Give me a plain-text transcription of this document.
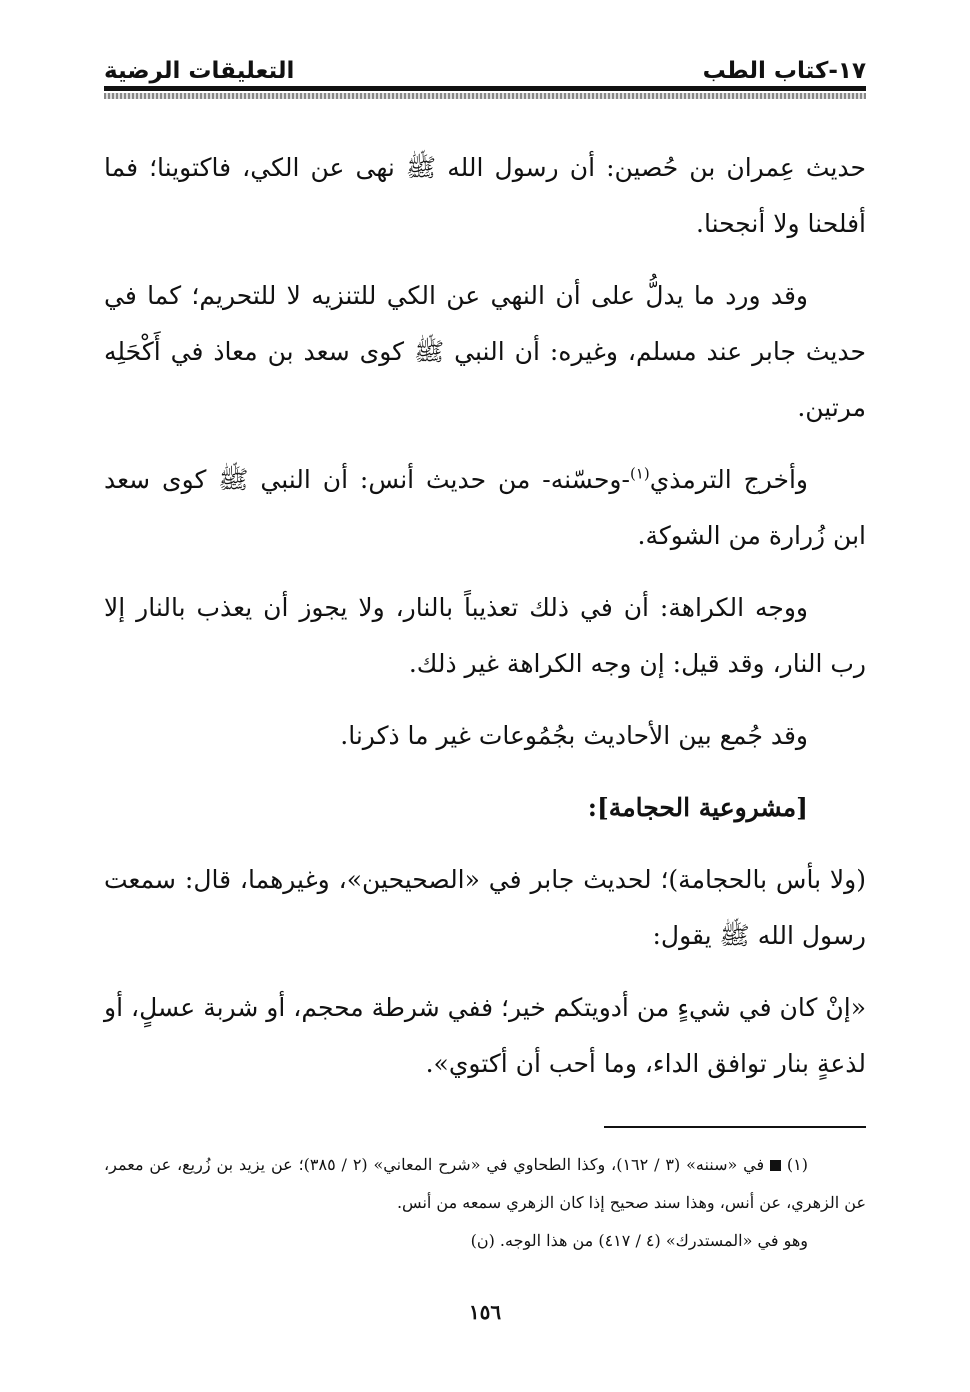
١٧-كتاب الطب
التعليقات الرضية

حديث عِمران بن حُصين: أن رسول الله ﷺ نهى عن الكي، فاكتوينا؛ فما أفلحنا ولا أنجحنا.

وقد ورد ما يدلُّ على أن النهي عن الكي للتنزيه لا للتحريم؛ كما في حديث جابر عند مسلم، وغيره: أن النبي ﷺ كوى سعد بن معاذ في أَكْحَلِه مرتين.

وأخرج الترمذي$^{(١)}$-وحسّنه- من حديث أنس: أن النبي ﷺ كوى سعد ابن زُرارة من الشوكة.

ووجه الكراهة: أن في ذلك تعذيباً بالنار، ولا يجوز أن يعذب بالنار إلا رب النار، وقد قيل: إن وجه الكراهة غير ذلك.

وقد جُمع بين الأحاديث بجُمُوعات غير ما ذكرنا.

[مشروعية الحجامة]:

(ولا بأس بالحجامة)؛ لحديث جابر في «الصحيحين»، وغيرهما، قال: سمعت رسول الله ﷺ يقول:

«إنْ كان في شيءٍ من أدويتكم خير؛ ففي شرطة محجم، أو شربة عسلٍ، أو لذعةٍ بنار توافق الداء، وما أحب أن أكتوي».

(١)  في «سننه» (٣ / ١٦٢)، وكذا الطحاوي في «شرح المعاني» (٢ / ٣٨٥)؛ عن يزيد بن زُريع، عن معمر، عن الزهري، عن أنس، وهذا سند صحيح إذا كان الزهري سمعه من أنس.

وهو في «المستدرك» (٤ / ٤١٧) من هذا الوجه. (ن)

١٥٦
